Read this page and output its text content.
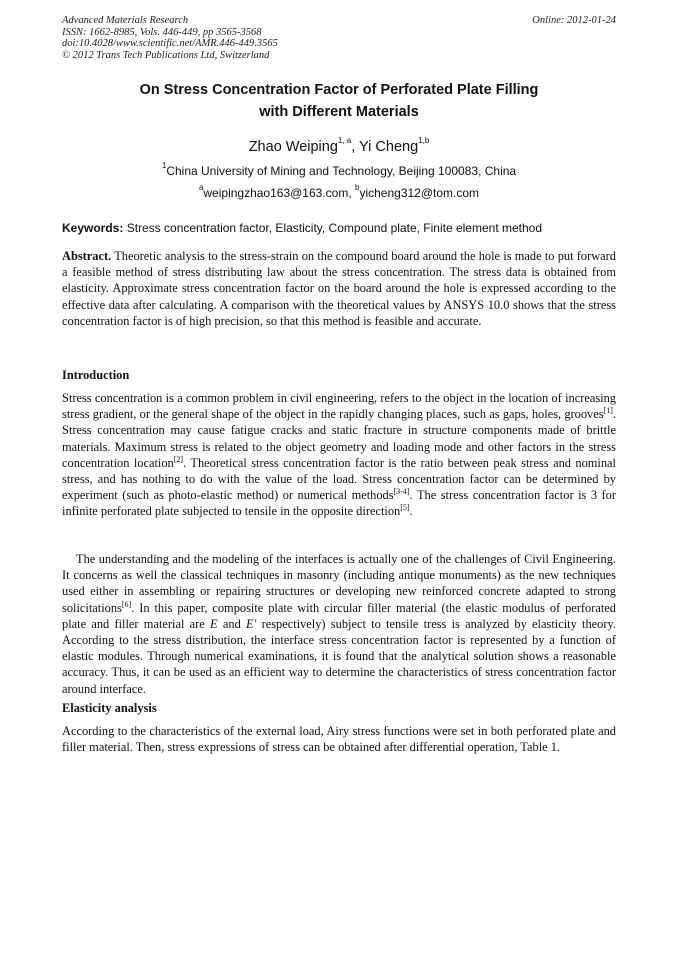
Advanced Materials Research
ISSN: 1662-8985, Vols. 446-449, pp 3565-3568
doi:10.4028/www.scientific.net/AMR.446-449.3565
© 2012 Trans Tech Publications Ltd, Switzerland
Online: 2012-01-24
On Stress Concentration Factor of Perforated Plate Filling
with Different Materials
Zhao Weiping$^{1, a}$, Yi Cheng$^{1,b}$
$^1$China University of Mining and Technology, Beijing 100083, China
$^a$weipingzhao163@163.com, $^b$yicheng312@tom.com
Keywords: Stress concentration factor, Elasticity, Compound plate, Finite element method
Abstract. Theoretic analysis to the stress-strain on the compound board around the hole is made to put forward a feasible method of stress distributing law about the stress concentration. The stress data is obtained from elasticity. Approximate stress concentration factor on the board around the hole is expressed according to the effective data after calculating. A comparison with the theoretical values by ANSYS 10.0 shows that the stress concentration factor is of high precision, so that this method is feasible and accurate.
Introduction
Stress concentration is a common problem in civil engineering, refers to the object in the location of increasing stress gradient, or the general shape of the object in the rapidly changing places, such as gaps, holes, grooves[1]. Stress concentration may cause fatigue cracks and static fracture in structure components made of brittle materials. Maximum stress is related to the object geometry and loading mode and other factors in the stress concentration location[2]. Theoretical stress concentration factor is the ratio between peak stress and nominal stress, and has nothing to do with the value of the load. Stress concentration factor can be determined by experiment (such as photo-elastic method) or numerical methods[3-4]. The stress concentration factor is 3 for infinite perforated plate subjected to tensile in the opposite direction[5].
The understanding and the modeling of the interfaces is actually one of the challenges of Civil Engineering. It concerns as well the classical techniques in masonry (including antique monuments) as the new techniques used either in assembling or repairing structures or developing new reinforced concrete adapted to strong solicitations[6]. In this paper, composite plate with circular filler material (the elastic modulus of perforated plate and filler material are E and E′ respectively) subject to tensile tress is analyzed by elasticity theory. According to the stress distribution, the interface stress concentration factor is represented by a function of elastic modules. Through numerical examinations, it is found that the analytical solution shows a reasonable accuracy. Thus, it can be used as an efficient way to determine the characteristics of stress concentration factor around interface.
Elasticity analysis
According to the characteristics of the external load, Airy stress functions were set in both perforated plate and filler material. Then, stress expressions of stress can be obtained after differential operation, Table 1.
